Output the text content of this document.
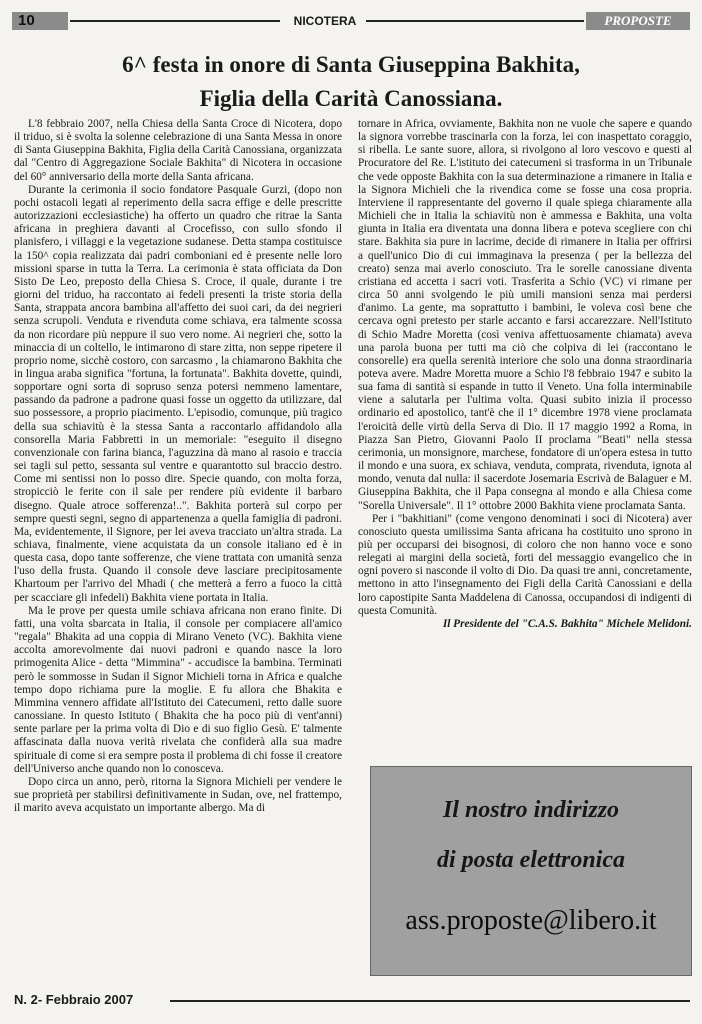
10	NICOTERA	PROPOSTE
6^ festa in onore di Santa Giuseppina Bakhita,
Figlia della Carità Canossiana.

L'8 febbraio 2007, nella Chiesa della Santa Croce di Nicotera, dopo il triduo, si è svolta la solenne celebrazione di una Santa Messa in onore di Santa Giuseppina Bakhita, Figlia della Carità Canossiana, organizzata dal "Centro di Aggregazione Sociale Bakhita" di Nicotera in occasione del 60° anniversario della morte della Santa africana.

Durante la cerimonia il socio fondatore Pasquale Gurzi, (dopo non pochi ostacoli legati al reperimento della sacra effige e delle prescritte autorizzazioni ecclesiastiche) ha offerto un quadro che ritrae la Santa africana in preghiera davanti al Crocefisso, con sullo sfondo il planisfero, i villaggi e la vegetazione sudanese. Detta stampa costituisce la 150^ copia realizzata dai padri comboniani ed è presente nelle loro missioni sparse in tutta la Terra. La cerimonia è stata officiata da Don Sisto De Leo, preposto della Chiesa S. Croce, il quale, durante i tre giorni del triduo, ha raccontato ai fedeli presenti la triste storia della Santa, strappata ancora bambina all'affetto dei suoi cari, da dei negrieri senza scrupoli. Venduta e rivenduta come schiava, era talmente scossa da non ricordare più neppure il suo vero nome. Ai negrieri che, sotto la minaccia di un coltello, le intimarono di stare zitta, non seppe ripetere il proprio nome, sicchè costoro, con sarcasmo , la chiamarono Bakhita che in lingua araba significa "fortuna, la fortunata". Bakhita dovette, quindi, sopportare ogni sorta di sopruso senza potersi nemmeno lamentare, passando da padrone a padrone quasi fosse un oggetto da utilizzare, dal suo possessore, a proprio piacimento. L'episodio, comunque, più tragico della sua schiavitù è la stessa Santa a raccontarlo affidandolo alla consorella Maria Fabbretti in un memoriale: "eseguito il disegno convenzionale con farina bianca, l'aguzzina dà mano al rasoio e traccia sei tagli sul petto, sessanta sul ventre e quarantotto sul braccio destro. Come mi sentissi non lo posso dire. Specie quando, con molta forza, stropicciò le ferite con il sale per rendere più evidente il barbaro disegno. Quale atroce sofferenza!..". Bakhita porterà sul corpo per sempre questi segni, segno di appartenenza a quella famiglia di padroni. Ma, evidentemente, il Signore, per lei aveva tracciato un'altra strada. La schiava, finalmente, viene acquistata da un console italiano ed è in questa casa, dopo tante sofferenze, che viene trattata con umanità senza l'uso della frusta. Quando il console deve lasciare precipitosamente Khartoum per l'arrivo del Mhadi ( che metterà a ferro a fuoco la città per scacciare gli infedeli) Bakhita viene portata in Italia.

Ma le prove per questa umile schiava africana non erano finite. Di fatti, una volta sbarcata in Italia, il console per compiacere all'amico "regala" Bhakita ad una coppia di Mirano Veneto (VC). Bakhita viene accolta amorevolmente dai nuovi padroni e quando nasce la loro primogenita Alice - detta "Mimmina" - accudisce la bambina. Terminati però le sommosse in Sudan il Signor Michieli torna in Africa e qualche tempo dopo richiama pure la moglie. E fu allora che Bhakita e Mimmina vennero affidate all'Istituto dei Catecumeni, retto dalle suore canossiane. In questo Istituto ( Bhakita che ha poco più di vent'anni) sente parlare per la prima volta di Dio e di suo figlio Gesù. E' talmente affascinata dalla nuova verità rivelata che confiderà alla sua madre spirituale di come si era sempre posta il problema di chi fosse il creatore dell'Universo anche quando non lo conosceva.

Dopo circa un anno, però, ritorna la Signora Michieli per vendere le sue proprietà per stabilirsi definitivamente in Sudan, ove, nel frattempo, il marito aveva acquistato un importante albergo. Ma di

tornare in Africa, ovviamente, Bakhita non ne vuole che sapere e quando la signora vorrebbe trascinarla con la forza, lei con inaspettato coraggio, si ribella. Le sante suore, allora, si rivolgono al loro vescovo e questi al Procuratore del Re. L'istituto dei catecumeni si trasforma in un Tribunale che vede opposte Bakhita con la sua determinazione a rimanere in Italia e la Signora Michieli che la rivendica come se fosse una cosa propria. Interviene il rappresentante del governo il quale spiega chiaramente alla Michieli che in Italia la schiavitù non è ammessa e Bakhita, una volta giunta in Italia era diventata una donna libera e poteva scegliere con chi stare. Bakhita sia pure in lacrime, decide di rimanere in Italia per offrirsi a quell'unico Dio di cui immaginava la presenza ( per la bellezza del creato) senza mai averlo conosciuto. Tra le sorelle canossiane diventa cristiana ed accetta i sacri voti. Trasferita a Schio (VC) vi rimane per circa 50 anni svolgendo le più umili mansioni senza mai perdersi d'animo. La gente, ma soprattutto i bambini, le voleva così bene che cercava ogni pretesto per starle accanto e farsi accarezzare. Nell'Istituto di Schio Madre Moretta (così veniva affettuosamente chiamata) aveva una parola buona per tutti ma ciò che colpiva di lei (raccontano le consorelle) era quella serenità interiore che solo una donna straordinaria poteva avere. Madre Moretta muore a Schio l'8 febbraio 1947 e subito la sua fama di santità si espande in tutto il Veneto. Una folla interminabile viene a salutarla per l'ultima volta. Quasi subito inizia il processo ordinario ed apostolico, tant'è che il 1° dicembre 1978 viene proclamata l'eroicità delle virtù della Serva di Dio. Il 17 maggio 1992 a Roma, in Piazza San Pietro, Giovanni Paolo II proclama "Beati" nella stessa cerimonia, un monsignore, marchese, fondatore di un'opera estesa in tutto il mondo e una suora, ex schiava, venduta, comprata, rivenduta, ignota al mondo, venuta dal nulla: il sacerdote Josemaria Escrivà de Balaguer e M. Giuseppina Bakhita, che il Papa consegna al mondo e alla Chiesa come "Sorella Universale". Il 1° ottobre 2000 Bakhita viene proclamata Santa.

Per i "bakhitiani" (come vengono denominati i soci di Nicotera) aver conosciuto questa umilissima Santa africana ha costituito uno sprono in più per occuparsi dei bisognosi, di coloro che non hanno voce e sono relegati ai margini della società, forti del messaggio evangelico che in ogni povero si nasconde il volto di Dio. Da quasi tre anni, concretamente, mettono in atto l'insegnamento dei Figli della Carità Canossiani e della loro capostipite Santa Maddelena di Canossa, occupandosi di indigenti di questa Comunità.

Il Presidente del "C.A.S. Bakhita" Michele Melidoni.

Il nostro indirizzo
di posta elettronica
ass.proposte@libero.it
N. 2- Febbraio 2007
